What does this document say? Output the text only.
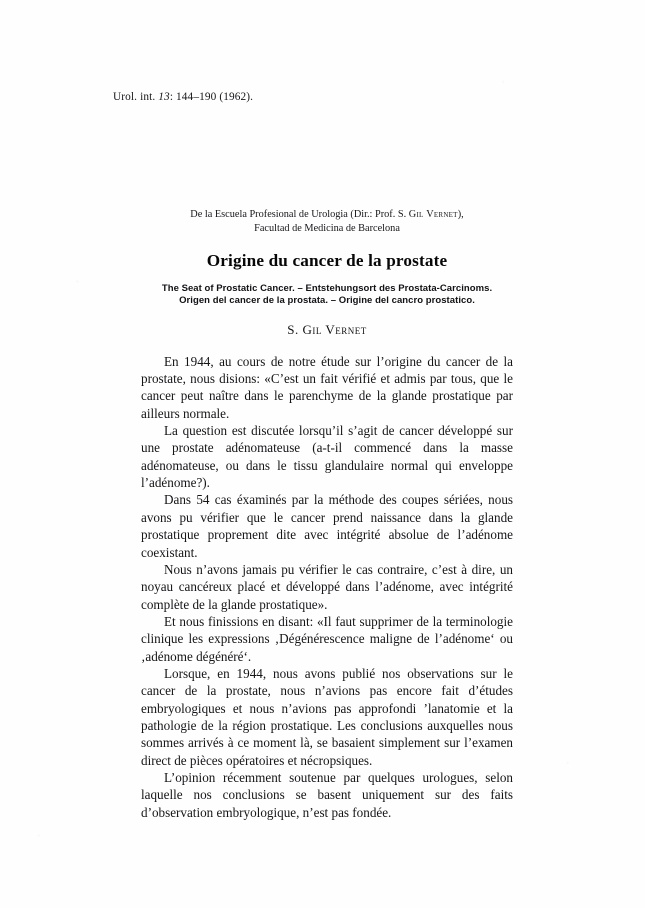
Urol. int. 13: 144–190 (1962).
De la Escuela Profesional de Urologia (Dir.: Prof. S. Gil Vernet),
Facultad de Medicina de Barcelona
Origine du cancer de la prostate
The Seat of Prostatic Cancer. – Entstehungsort des Prostata-Carcinoms.
Origen del cancer de la prostata. – Origine del cancro prostatico.
S. Gil Vernet

En 1944, au cours de notre étude sur l’origine du cancer de la prostate, nous disions: «C’est un fait vérifié et admis par tous, que le cancer peut naître dans le parenchyme de la glande prostatique par ailleurs normale.

La question est discutée lorsqu’il s’agit de cancer développé sur une prostate adénomateuse (a-t-il commencé dans la masse adénomateuse, ou dans le tissu glandulaire normal qui enveloppe l’adénome?).

Dans 54 cas éxaminés par la méthode des coupes sériées, nous avons pu vérifier que le cancer prend naissance dans la glande prostatique proprement dite avec intégrité absolue de l’adénome coexistant.

Nous n’avons jamais pu vérifier le cas contraire, c’est à dire, un noyau cancéreux placé et développé dans l’adénome, avec intégrité complète de la glande prostatique».

Et nous finissions en disant: «Il faut supprimer de la terminologie clinique les expressions ‚Dégénérescence maligne de l’adénome‘ ou ‚adénome dégénéré‘.

Lorsque, en 1944, nous avons publié nos observations sur le cancer de la prostate, nous n’avions pas encore fait d’études embryologiques et nous n’avions pas approfondi ’lanatomie et la pathologie de la région prostatique. Les conclusions auxquelles nous sommes arrivés à ce moment là, se basaient simplement sur l’examen direct de pièces opératoires et nécropsiques.

L’opinion récemment soutenue par quelques urologues, selon laquelle nos conclusions se basent uniquement sur des faits d’observation embryologique, n’est pas fondée.
